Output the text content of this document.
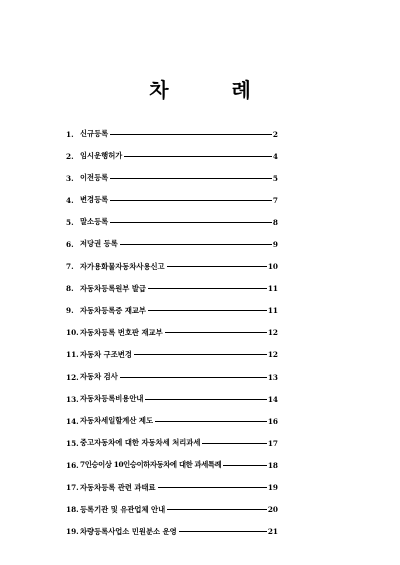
차 례
1. 신규등록	2
2. 임시운행허가	4
3. 이전등록	5
4. 변경등록	7
5. 말소등록	8
6. 저당권 등록	9
7. 자가용화물자동차사용신고	10
8. 자동차등록원부 발급	11
9. 자동차등록증 재교부	11
10. 자동차등록 번호판 재교부	12
11. 자동차 구조변경	12
12. 자동차 검사	13
13. 자동차등록비용안내	14
14. 자동차세일할계산 제도	16
15. 중고자동차에 대한 자동차세 처리과세	17
16. 7인승이상 10인승이하자동차에 대한 과세특례	18
17. 자동차등록 관련 과태료	19
18. 등록기관 및 유관업체 안내	20
19. 차량등록사업소 민원분소 운영	21
